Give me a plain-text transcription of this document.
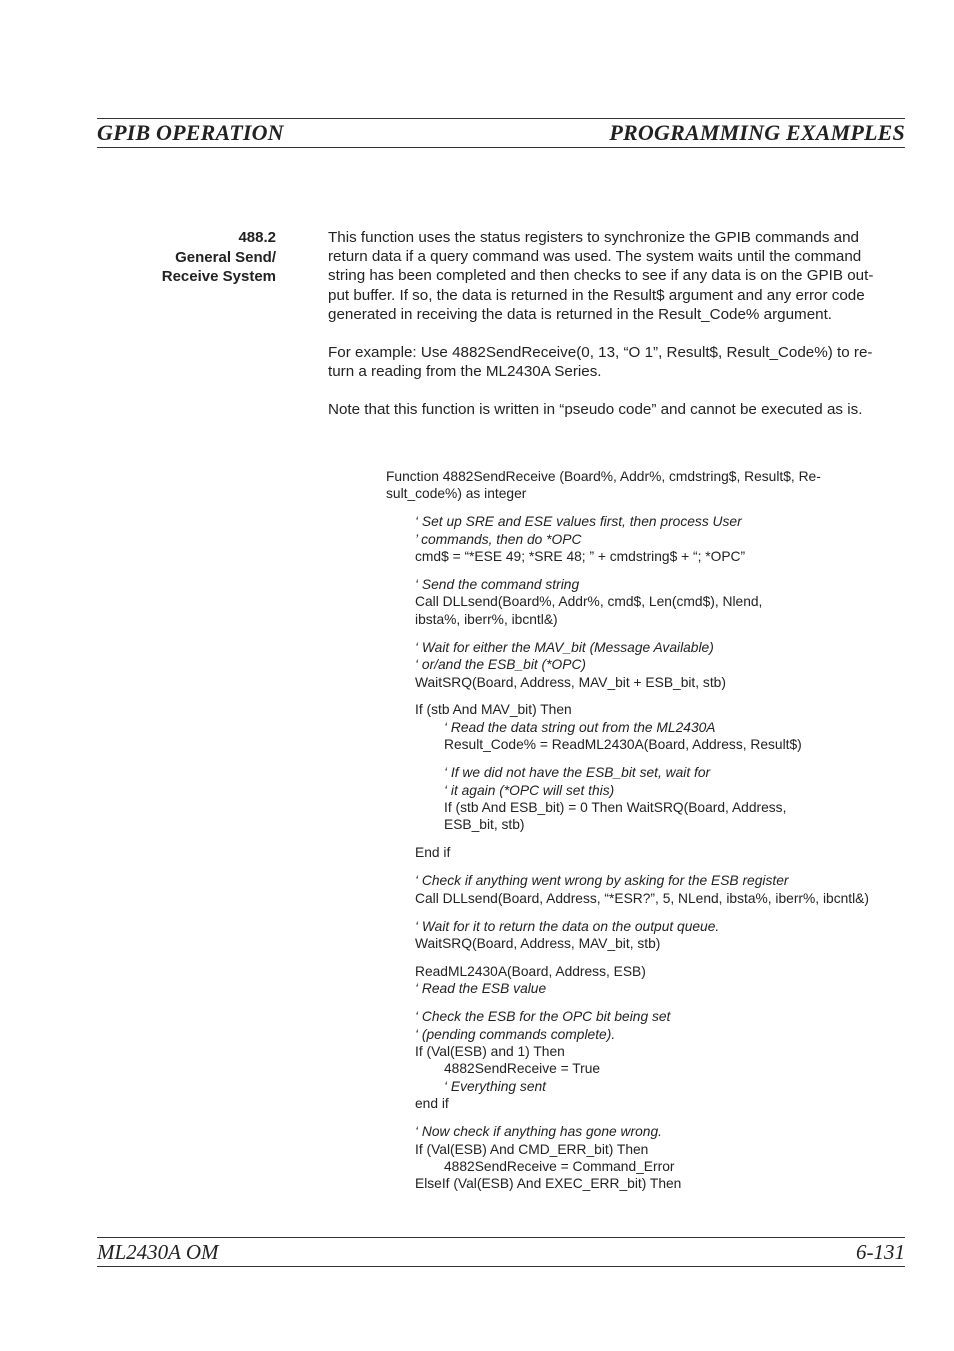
GPIB OPERATION	PROGRAMMING EXAMPLES
488.2
General Send/
Receive System

This function uses the status registers to synchronize the GPIB commands and
return data if a query command was used. The system waits until the command
string has been completed and then checks to see if any data is on the GPIB out-
put buffer. If so, the data is returned in the Result$ argument and any error code
generated in receiving the data is returned in the Result_Code% argument.

For example: Use 4882SendReceive(0, 13, “O 1”, Result$, Result_Code%) to re-
turn a reading from the ML2430A Series.

Note that this function is written in “pseudo code” and cannot be executed as is.

Function 4882SendReceive (Board%, Addr%, cmdstring$, Result$, Re-
sult_code%) as integer
‘ Set up SRE and ESE values first, then process User
’ commands, then do *OPC
cmd$ = “*ESE 49; *SRE 48; ” + cmdstring$ + “; *OPC”
‘ Send the command string
Call DLLsend(Board%, Addr%, cmd$, Len(cmd$), Nlend,
ibsta%, iberr%, ibcntl&)
‘ Wait for either the MAV_bit (Message Available)
‘ or/and the ESB_bit (*OPC)
WaitSRQ(Board, Address, MAV_bit + ESB_bit, stb)
If (stb And MAV_bit) Then
‘ Read the data string out from the ML2430A
Result_Code% = ReadML2430A(Board, Address, Result$)
‘ If we did not have the ESB_bit set, wait for
‘ it again (*OPC will set this)
If (stb And ESB_bit) = 0 Then WaitSRQ(Board, Address,
ESB_bit, stb)
End if
‘ Check if anything went wrong by asking for the ESB register
Call DLLsend(Board, Address, “*ESR?”, 5, NLend, ibsta%, iberr%, ibcntl&)
‘ Wait for it to return the data on the output queue.
WaitSRQ(Board, Address, MAV_bit, stb)
ReadML2430A(Board, Address, ESB)
‘ Read the ESB value
‘ Check the ESB for the OPC bit being set
‘ (pending commands complete).
If (Val(ESB) and 1) Then
4882SendReceive = True
‘ Everything sent
end if
‘ Now check if anything has gone wrong.
If (Val(ESB) And CMD_ERR_bit) Then
4882SendReceive = Command_Error
ElseIf (Val(ESB) And EXEC_ERR_bit) Then
ML2430A OM	6-131
